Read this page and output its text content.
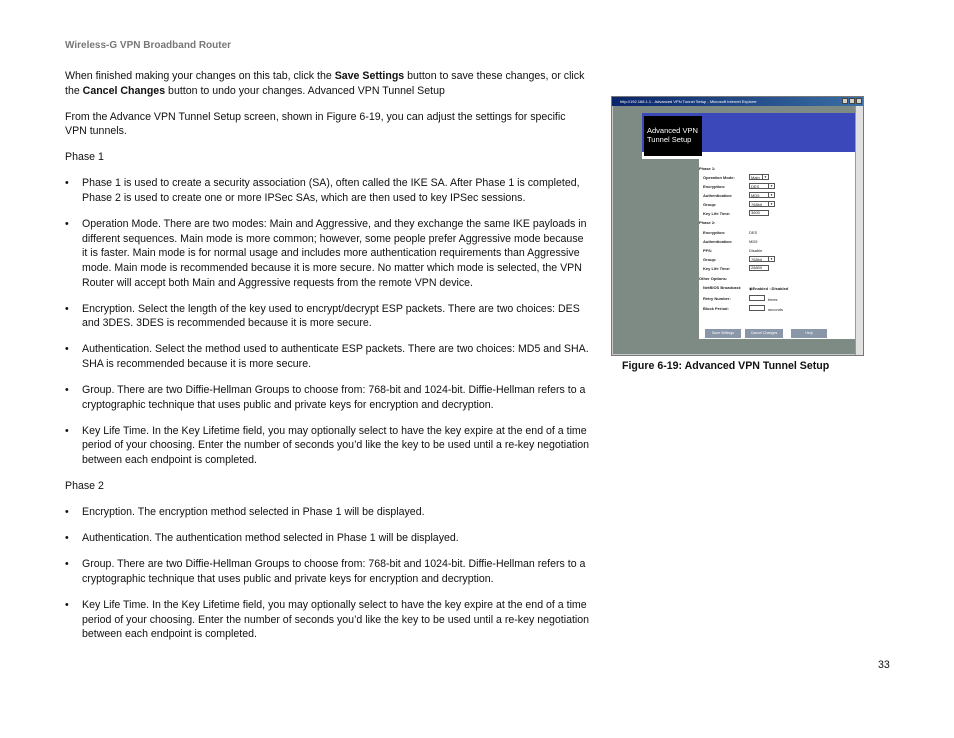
Wireless-G VPN Broadband Router

When finished making your changes on this tab, click the Save Settings button to save these changes, or click the Cancel Changes button to undo your changes. Advanced VPN Tunnel Setup

From the Advance VPN Tunnel Setup screen, shown in Figure 6-19, you can adjust the settings for specific VPN tunnels.

Phase 1

• Phase 1 is used to create a security association (SA), often called the IKE SA. After Phase 1 is completed, Phase 2 is used to create one or more IPSec SAs, which are then used to key IPSec sessions.
• Operation Mode. There are two modes: Main and Aggressive, and they exchange the same IKE payloads in different sequences. Main mode is more common; however, some people prefer Aggressive mode because it is faster. Main mode is for normal usage and includes more authentication requirements than Aggressive mode. Main mode is recommended because it is more secure. No matter which mode is selected, the VPN Router will accept both Main and Aggressive requests from the remote VPN device.
• Encryption. Select the length of the key used to encrypt/decrypt ESP packets. There are two choices: DES and 3DES. 3DES is recommended because it is more secure.
• Authentication. Select the method used to authenticate ESP packets. There are two choices: MD5 and SHA. SHA is recommended because it is more secure.
• Group. There are two Diffie-Hellman Groups to choose from: 768-bit and 1024-bit. Diffie-Hellman refers to a cryptographic technique that uses public and private keys for encryption and decryption.
• Key Life Time. In the Key Lifetime field, you may optionally select to have the key expire at the end of a time period of your choosing. Enter the number of seconds you’d like the key to be used until a re-key negotiation between each endpoint is completed.

Phase 2

• Encryption. The encryption method selected in Phase 1 will be displayed.
• Authentication. The authentication method selected in Phase 1 will be displayed.
• Group. There are two Diffie-Hellman Groups to choose from: 768-bit and 1024-bit. Diffie-Hellman refers to a cryptographic technique that uses public and private keys for encryption and decryption.
• Key Life Time. In the Key Lifetime field, you may optionally select to have the key expire at the end of a time period of your choosing. Enter the number of seconds you’d like the key to be used until a re-key negotiation between each endpoint is completed.
http://192.168.1.1 - Advanced VPN Tunnel Setup - Microsoft Internet Explorer
Advanced VPN
Tunnel Setup
Phase 1:
Operation Mode:	Main	▼
Encryption:	DES	▼
Authentication:	MD5	▼
Group:	768bit	▼
Key Life Time:	3600
Phase 2:
Encryption:	DES
Authentication:	MD5
PFS:	Disable
Group:	768bit	▼
Key Life Time:	28800
Other Options:
NetBIOS Broadcast:	◉Enabled ○Disabled
Retry Number:	times
Block Period:	seconds
Save Settings	Cancel Changes	Help
Figure 6-19: Advanced VPN Tunnel Setup
33
